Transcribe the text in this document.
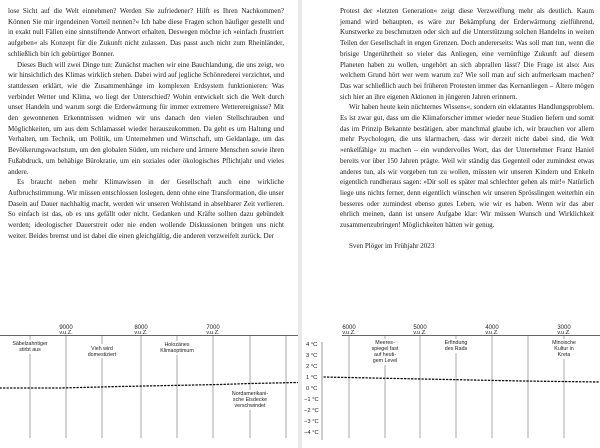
lose Sicht auf die Welt einnehmen? Werden Sie zufriedener? Hilft es Ihren Nachkommen? Können Sie mir irgendeinen Vorteil nennen?« Ich habe diese Fragen schon häufiger gestellt und in exakt null Fällen eine sinnstiftende Antwort erhalten. Deswegen möchte ich »einfach frustriert aufgeben« als Konzept für die Zukunft nicht zulassen. Das passt auch nicht zum Rheinländer, schließlich bin ich gebürtiger Bonner.

Dieses Buch will zwei Dinge tun: Zunächst machen wir eine Bauchlandung, die uns zeigt, wo wir hinsichtlich des Klimas wirklich stehen. Dabei wird auf jegliche Schönrederei verzichtet, und stattdessen erklärt, wie die Zusammenhänge im komplexen Erdsystem funktionieren: Was verbindet Wetter und Klima, wo liegt der Unterschied? Wohin entwickelt sich die Welt durch unser Handeln und warum sorgt die Erderwärmung für immer extremere Wetterereignisse? Mit den gewonnenen Erkenntnissen widmen wir uns danach den vielen Stellschrauben und Möglichkeiten, um aus dem Schlamassel wieder herauszukommen. Da geht es um Haltung und Verhalten, um Technik, um Politik, um Unternehmen und Wirtschaft, um Geldanlage, um das Bevölkerungswachstum, um den globalen Süden, um reichere und ärmere Menschen sowie ihren Fußabdruck, um behäbige Bürokratie, um ein soziales oder ökologisches Pflichtjahr und vieles andere.

Es braucht neben mehr Klimawissen in der Gesellschaft auch eine wirkliche Aufbruchstimmung. Wir müssen entschlossen loslegen, denn ohne eine Transformation, die unser Dasein auf Dauer nachhaltig macht, werden wir unseren Wohlstand in absehbarer Zeit verlieren. So einfach ist das, ob es uns gefällt oder nicht. Gedanken und Kräfte sollten dazu gebündelt werden; ideologischer Dauerstreit oder nie enden wollende Diskussionen bringen uns nicht weiter. Beides bremst und ist dabei die einen gleichgültig, die anderen verzweifelt zurück. Der

9000
v.u.Z.
8000
v.u.Z.
7000
v.u.Z.
Säbelzahntiger
stirbt aus	Vieh wird
domestiziert
Holozänes
Klimaoptimum
Nordamerikani-
sche Eisdecke
verschwindet

Protest der »letzten Generation« zeigt diese Verzweiflung mehr als deutlich. Kaum jemand wird behaupten, es wäre zur Bekämpfung der Erderwärmung zielführend, Kunstwerke zu beschmutzen oder sich auf die Unterstützung solchen Handelns in weiten Teilen der Gesellschaft in engen Grenzen. Doch andererseits: Was soll man tun, wenn die brisige Ungerührtheit so vieler das Anliegen, eine vernünftige Zukunft auf diesem Planeten haben zu wollen, ungehört an sich abprallen lässt? Die Frage ist also: Aus welchem Grund hört wer wem warum zu? Wie soll man auf sich aufmerksam machen? Das war schließlich auch bei früheren Protesten immer das Kernanliegen – Ältere mögen sich hier an ihre eigenen Aktionen in jüngeren Jahren erinnern.

Wir haben heute kein nüchternes Wissens«, sondern ein eklatantes Handlungsproblem. Es ist zwar gut, dass um die Klimaforscher immer wieder neue Studien liefern und somit das im Prinzip Bekannte bestätigen, aber manchmal glaube ich, wir brauchen vor allem mehr Psychologen, die uns klarmachen, dass wir derzeit nicht dabei sind, die Welt »enkelfähig« zu machen – ein wundervolles Wort, das der Unternehmer Franz Haniel bereits vor über 150 Jahren prägte. Weil wir ständig das Gegenteil oder zumindest etwas anderes tun, als wir vorgeben tun zu wollen, müssten wir unseren Kindern und Enkeln eigentlich rundheraus sagen: »Dir soll es später mal schlechter gehen als mir!« Natürlich liege uns nichts ferner, denn eigentlich wünschen wir unseren Sprösslingen weiterhin ein besseres oder zumindest ebenso gutes Leben, wie wir es haben. Wenn wir das aber ehrlich meinen, dann ist unsere Aufgabe klar: Wir müssen Wunsch und Wirklichkeit zusammenzubringen! Möglichkeiten hätten wir genug.

Sven Plöger im Frühjahr 2023

6000
v.u.Z.
5000
v.u.Z.
4000
v.u.Z.
3000
v.u.Z.
4 °C
3 °C
2 °C
1 °C
0 °C
−1 °C
−2 °C
−3 °C
−4 °C
Meeres-
spiegel fast
auf heuti-
gem Level
Erfindung
des Rads
Minoische
Kultur in
Kreta
